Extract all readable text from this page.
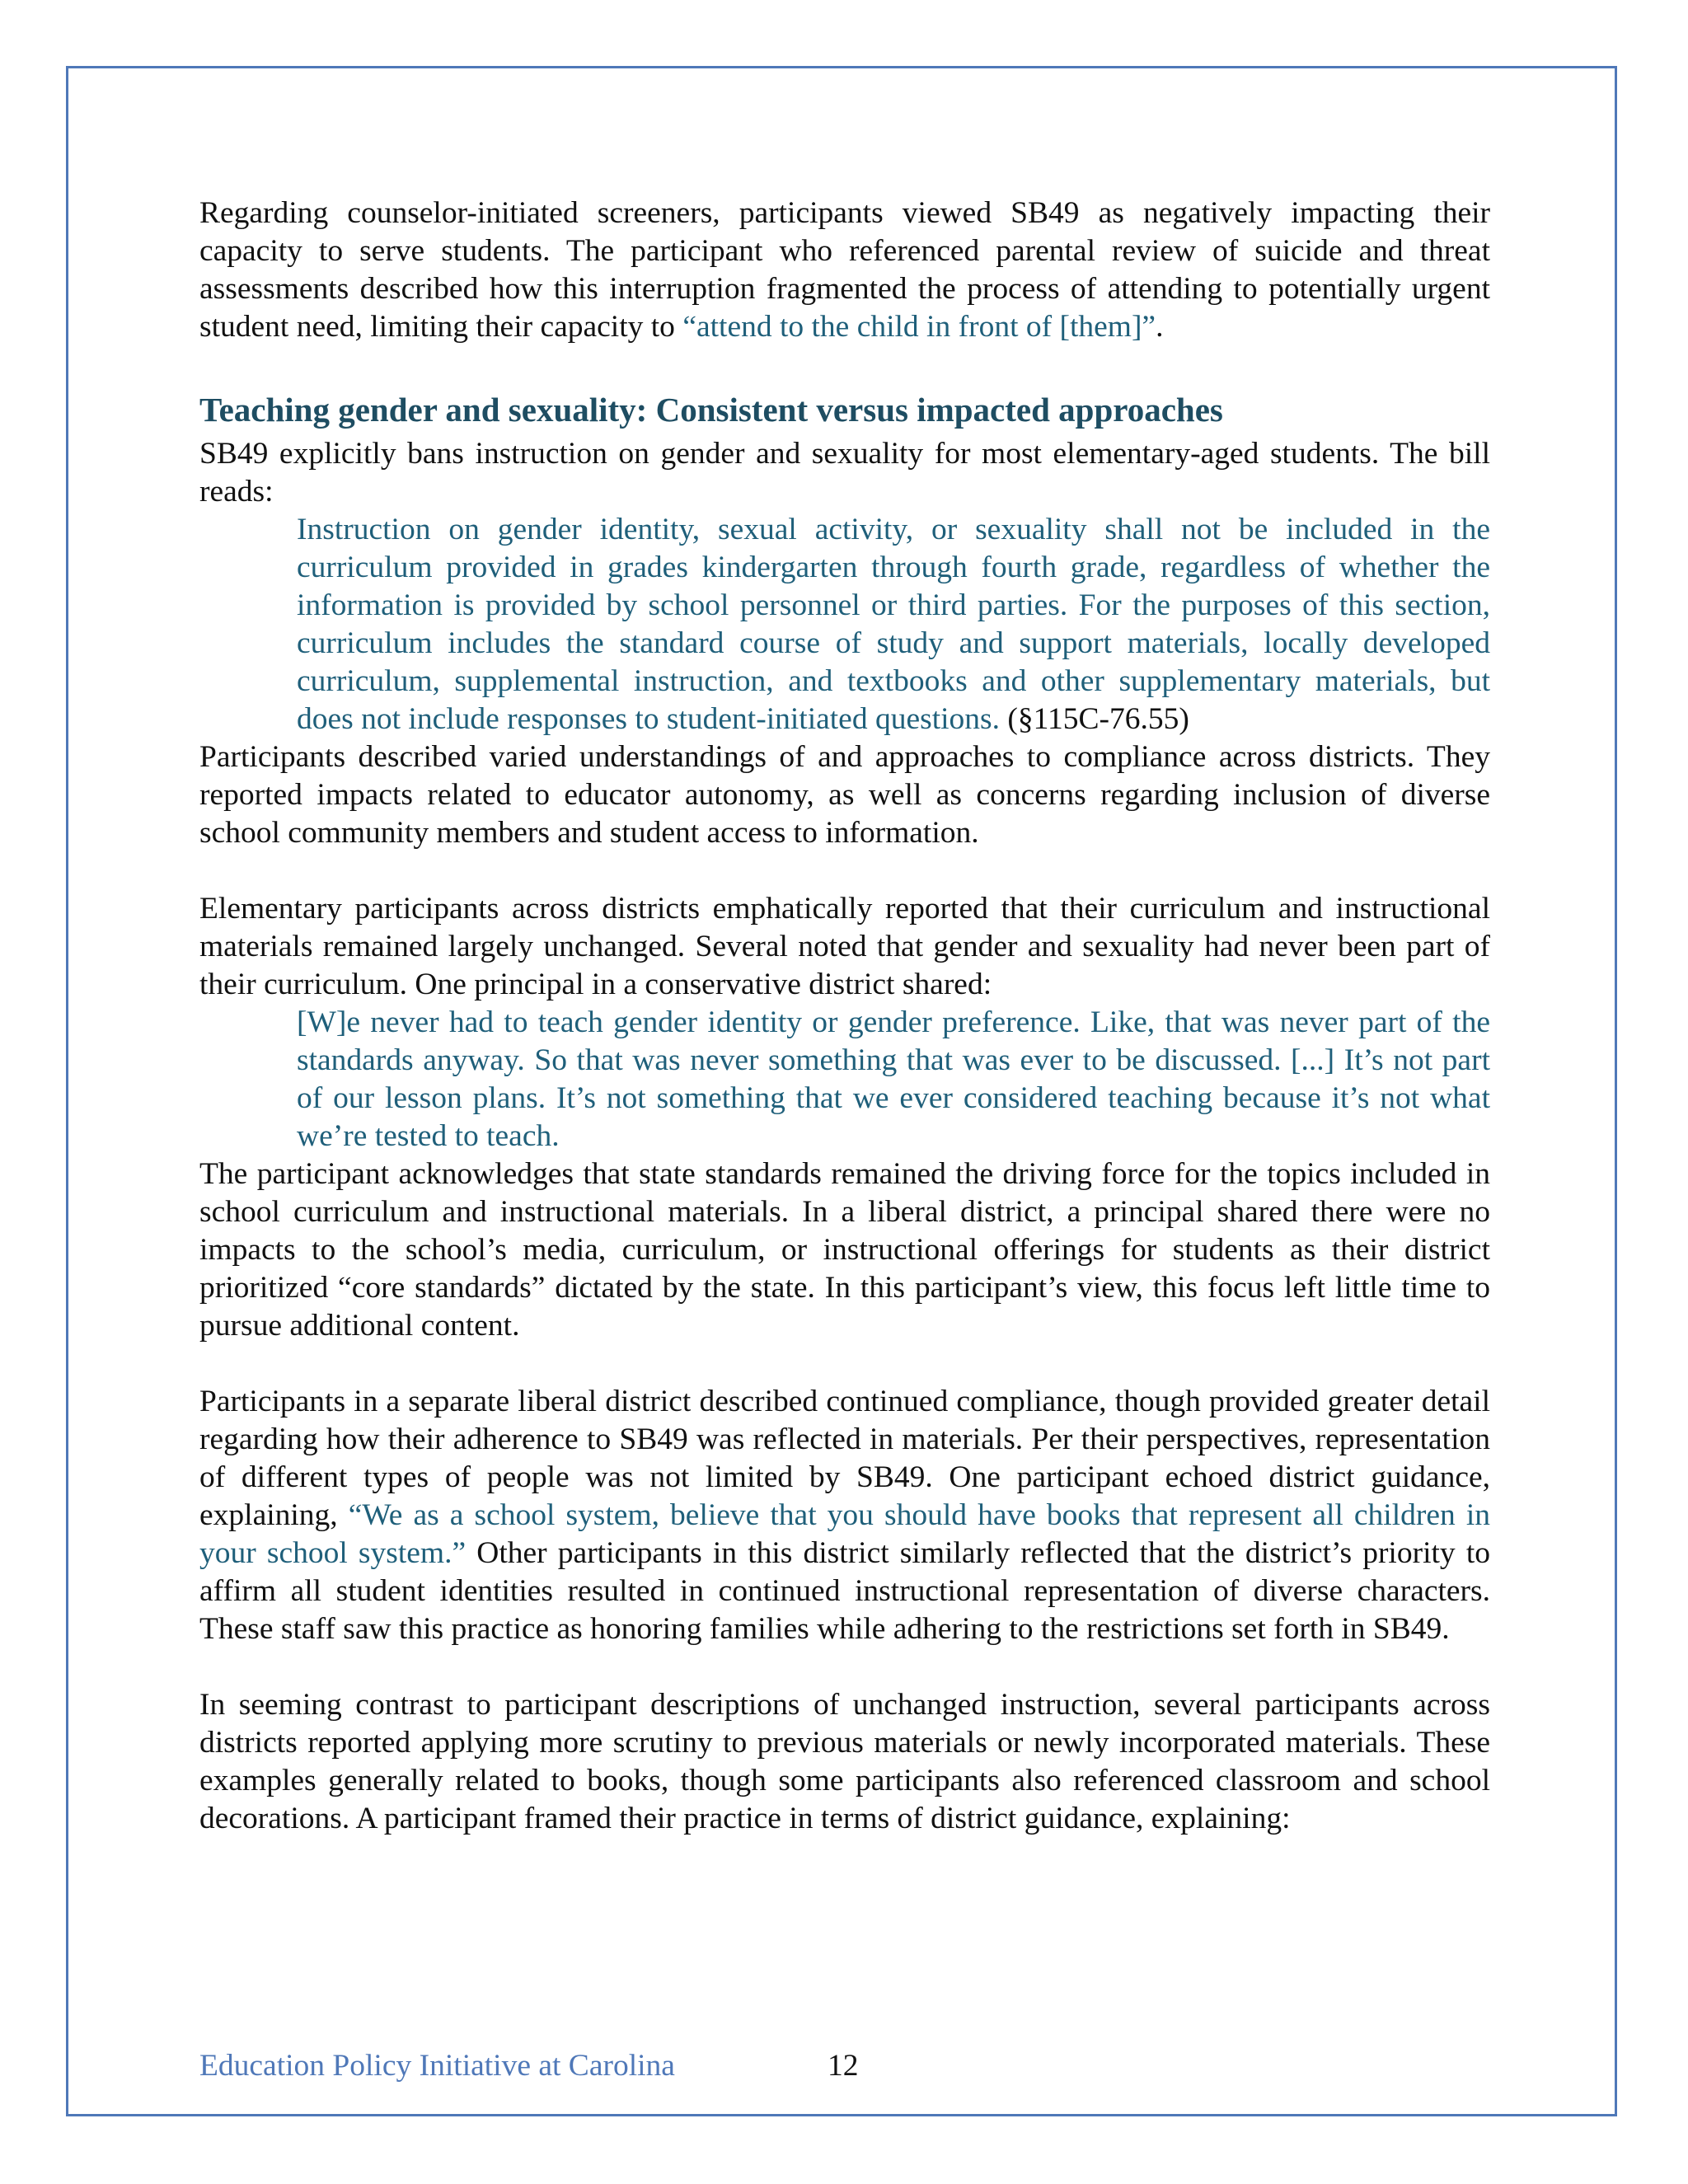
Regarding counselor-initiated screeners, participants viewed SB49 as negatively impacting their capacity to serve students. The participant who referenced parental review of suicide and threat assessments described how this interruption fragmented the process of attending to potentially urgent student need, limiting their capacity to “attend to the child in front of [them]”.

Teaching gender and sexuality: Consistent versus impacted approaches

SB49 explicitly bans instruction on gender and sexuality for most elementary-aged students. The bill reads:

Instruction on gender identity, sexual activity, or sexuality shall not be included in the curriculum provided in grades kindergarten through fourth grade, regardless of whether the information is provided by school personnel or third parties. For the purposes of this section, curriculum includes the standard course of study and support materials, locally developed curriculum, supplemental instruction, and textbooks and other supplementary materials, but does not include responses to student-initiated questions. (§115C-76.55)

Participants described varied understandings of and approaches to compliance across districts. They reported impacts related to educator autonomy, as well as concerns regarding inclusion of diverse school community members and student access to information.

Elementary participants across districts emphatically reported that their curriculum and instructional materials remained largely unchanged. Several noted that gender and sexuality had never been part of their curriculum. One principal in a conservative district shared:

[W]e never had to teach gender identity or gender preference. Like, that was never part of the standards anyway. So that was never something that was ever to be discussed. [...] It’s not part of our lesson plans. It’s not something that we ever considered teaching because it’s not what we’re tested to teach.

The participant acknowledges that state standards remained the driving force for the topics included in school curriculum and instructional materials. In a liberal district, a principal shared there were no impacts to the school’s media, curriculum, or instructional offerings for students as their district prioritized “core standards” dictated by the state. In this participant’s view, this focus left little time to pursue additional content.

Participants in a separate liberal district described continued compliance, though provided greater detail regarding how their adherence to SB49 was reflected in materials. Per their perspectives, representation of different types of people was not limited by SB49. One participant echoed district guidance, explaining, “We as a school system, believe that you should have books that represent all children in your school system.” Other participants in this district similarly reflected that the district’s priority to affirm all student identities resulted in continued instructional representation of diverse characters. These staff saw this practice as honoring families while adhering to the restrictions set forth in SB49.

In seeming contrast to participant descriptions of unchanged instruction, several participants across districts reported applying more scrutiny to previous materials or newly incorporated materials. These examples generally related to books, though some participants also referenced classroom and school decorations. A participant framed their practice in terms of district guidance, explaining:

Education Policy Initiative at Carolina	12
